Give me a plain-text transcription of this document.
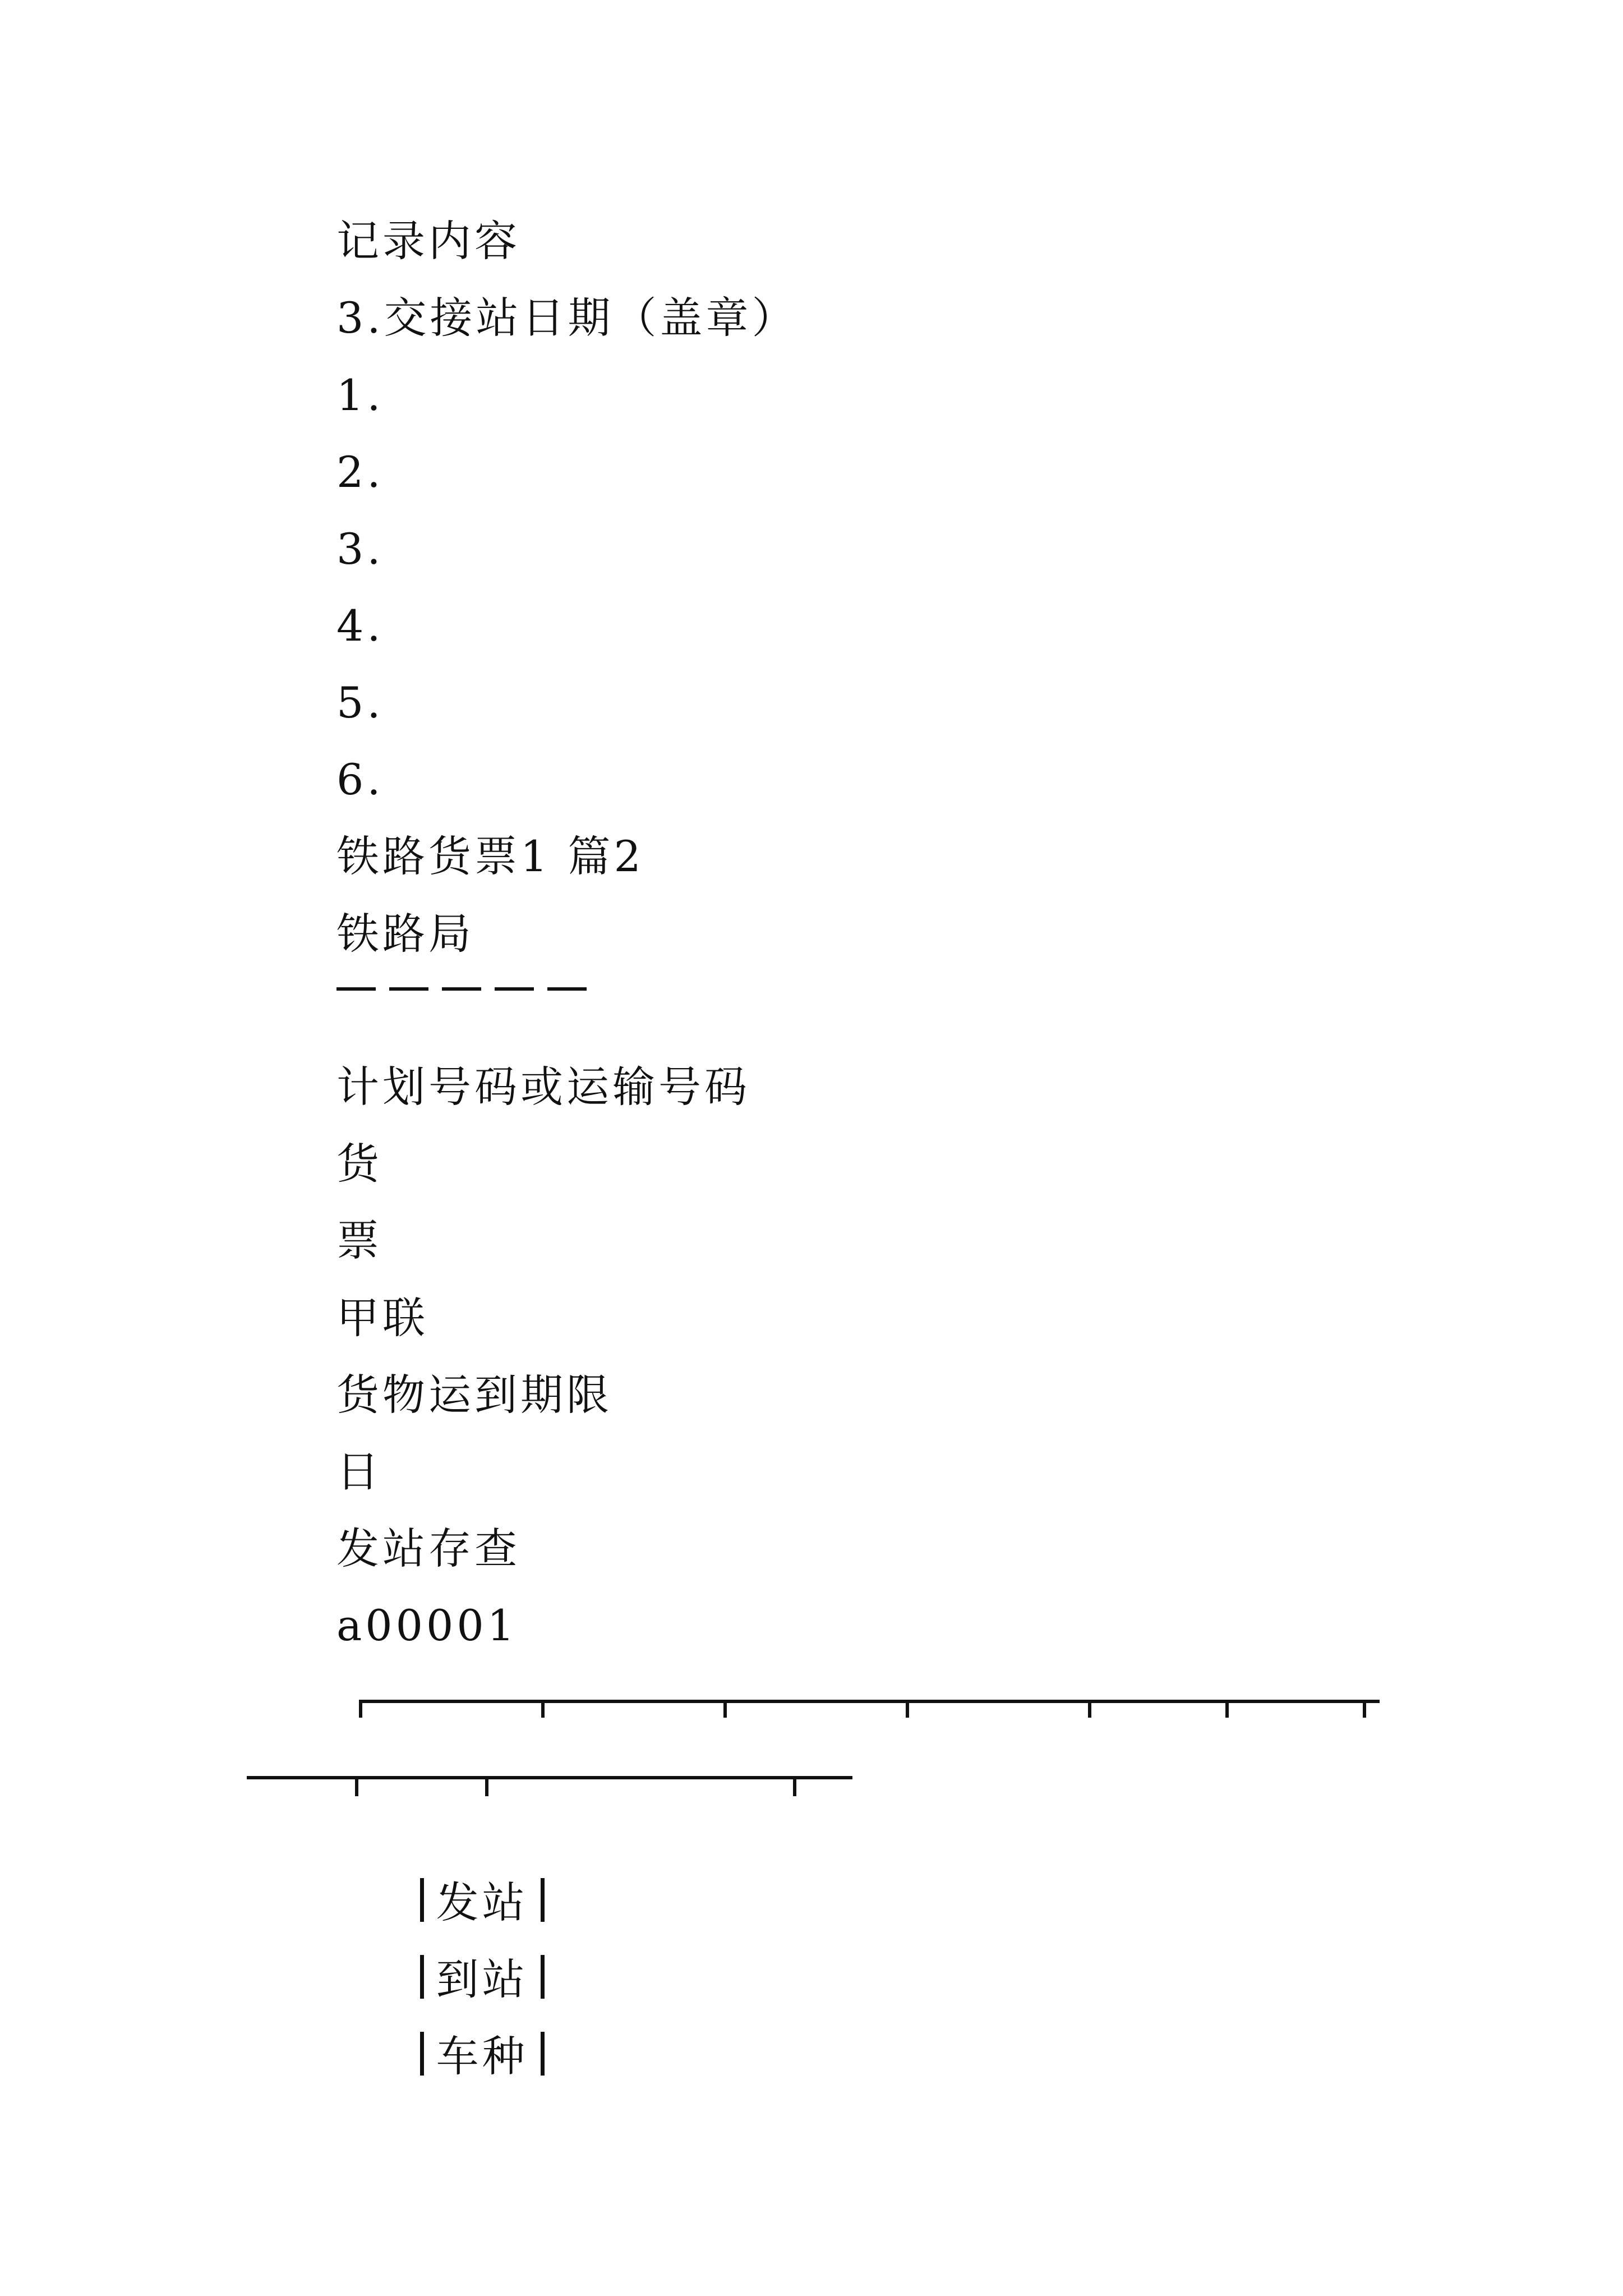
记录内容
3.交接站日期（盖章）
1.
2.
3.
4.
5.
6.
铁路货票1 篇2
铁路局
计划号码或运输号码
货
票
甲联
货物运到期限
日
发站存查
a00001

发站

到站

车种
